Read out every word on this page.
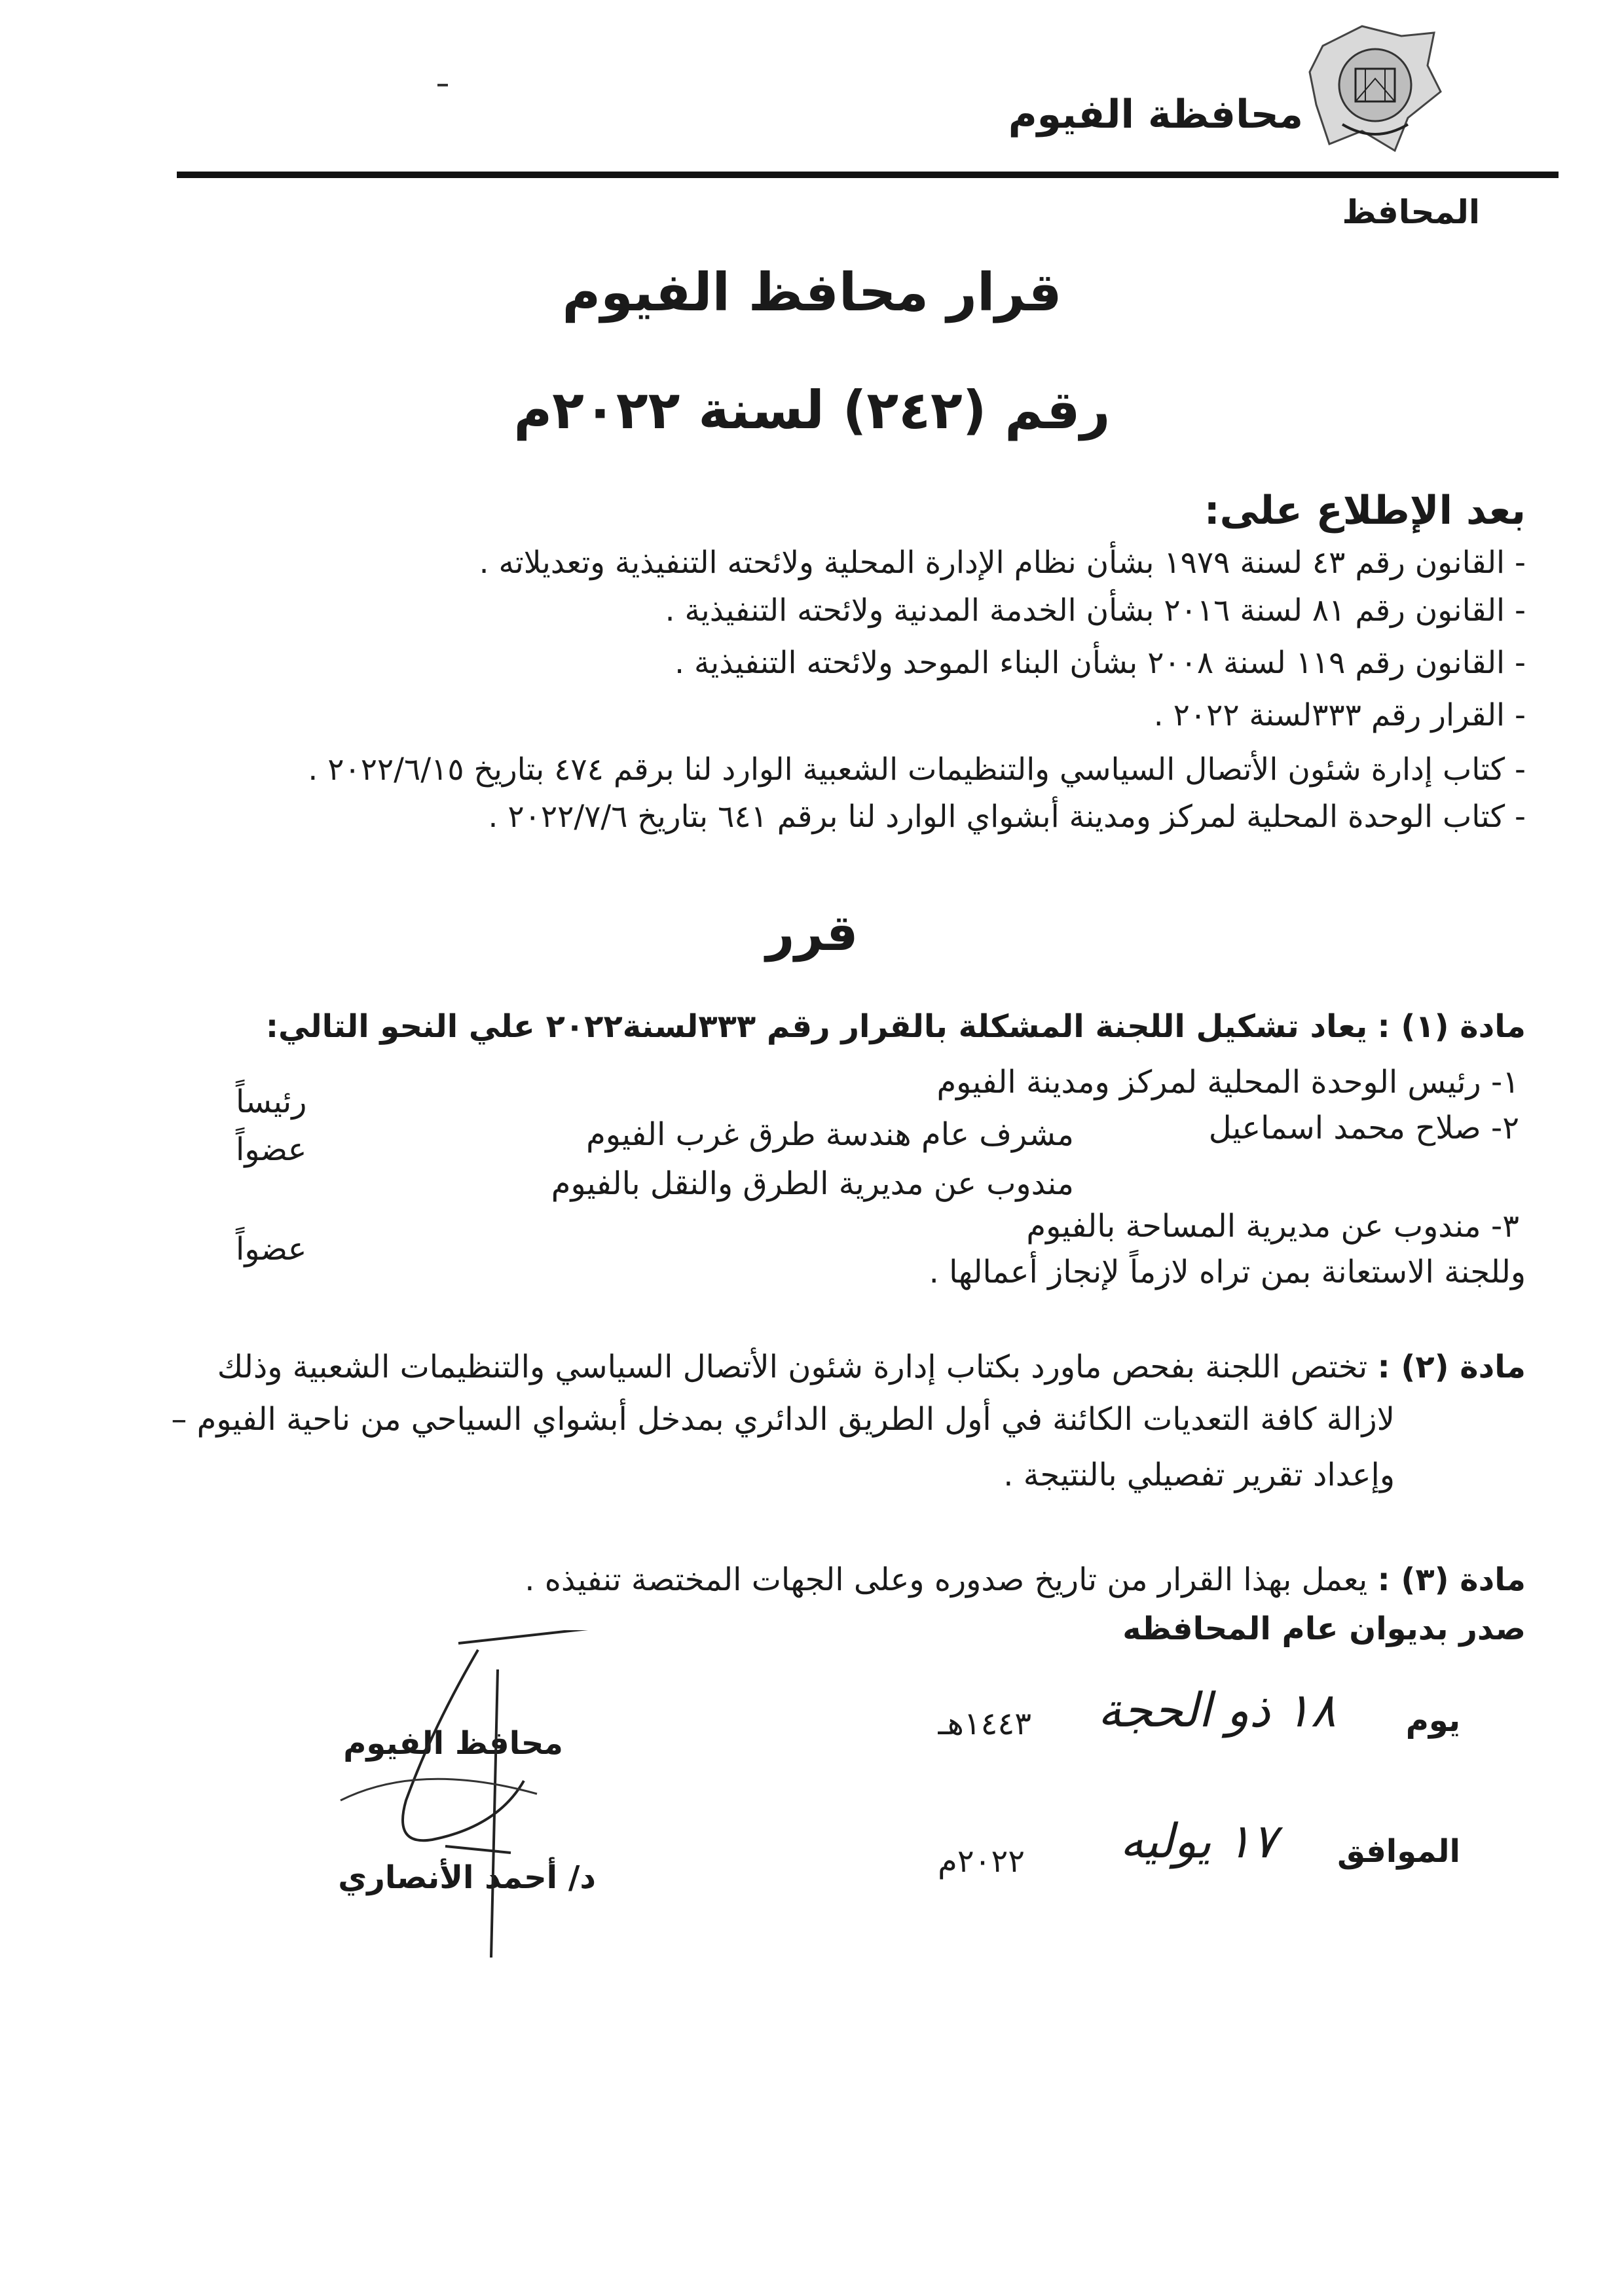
محافظة الفيوم
المحافظ
قرار محافظ الفيوم
رقم (٢٤٢) لسنة ٢٠٢٢م
بعد الإطلاع على:
- القانون رقم ٤٣ لسنة ١٩٧٩ بشأن نظام الإدارة المحلية ولائحته التنفيذية وتعديلاته .
- القانون رقم ٨١ لسنة ٢٠١٦ بشأن الخدمة المدنية ولائحته التنفيذية .
- القانون رقم ١١٩ لسنة ٢٠٠٨ بشأن البناء الموحد ولائحته التنفيذية .
- القرار رقم ٣٣٣لسنة ٢٠٢٢ .
- كتاب إدارة شئون الأتصال السياسي والتنظيمات الشعبية الوارد لنا برقم ٤٧٤ بتاريخ ٢٠٢٢/٦/١٥ .
- كتاب الوحدة المحلية لمركز ومدينة أبشواي الوارد لنا برقم ٦٤١ بتاريخ ٢٠٢٢/٧/٦ .
قرر
مادة (١) : يعاد تشكيل اللجنة المشكلة بالقرار رقم ٣٣٣لسنة٢٠٢٢ علي النحو التالي:
١- رئيس الوحدة المحلية لمركز ومدينة الفيوم
رئيساً
٢- صلاح محمد اسماعيل
مشرف عام هندسة طرق غرب الفيوم
عضواً
مندوب عن مديرية الطرق والنقل بالفيوم
٣- مندوب عن مديرية المساحة بالفيوم
عضواً
وللجنة الاستعانة بمن تراه لازماً لإنجاز أعمالها .
مادة (٢) : تختص اللجنة بفحص ماورد بكتاب إدارة شئون الأتصال السياسي والتنظيمات الشعبية وذلك
لازالة كافة التعديات الكائنة في أول الطريق الدائري بمدخل أبشواي السياحي من ناحية الفيوم –
وإعداد تقرير تفصيلي بالنتيجة .
مادة (٣) : يعمل بهذا القرار من تاريخ صدوره وعلى الجهات المختصة تنفيذه .
صدر بديوان عام المحافظه
يوم
١٨ ذو الحجة
١٤٤٣هـ
الموافق
١٧ يوليه
٢٠٢٢م
محافظ الفيوم
د/ أحمد الأنصاري
